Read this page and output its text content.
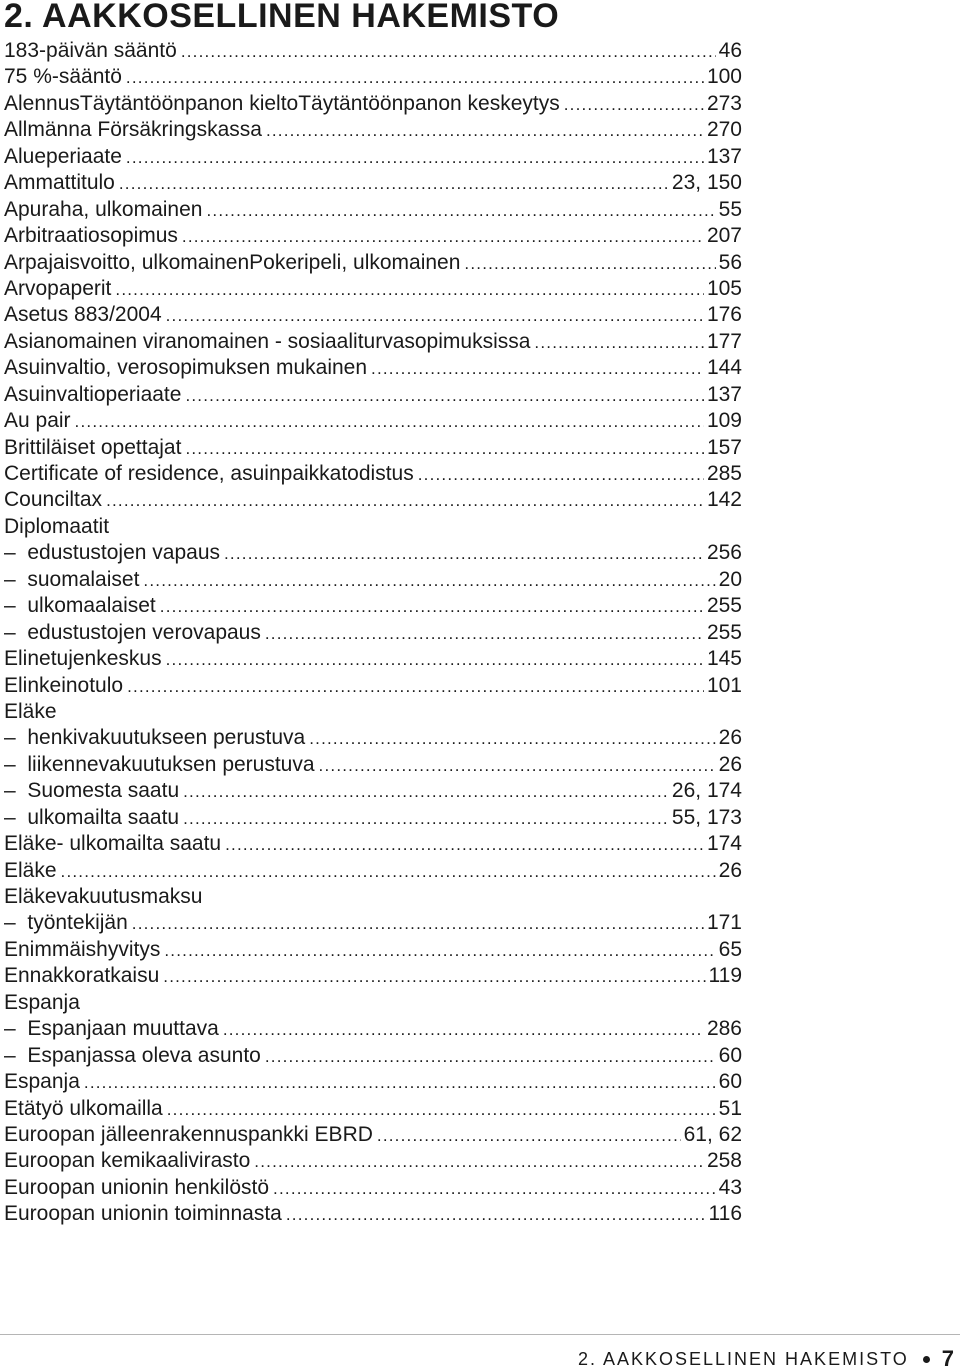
2. AAKKOSELLINEN HAKEMISTO
183-päivän sääntö .....	46
75 %-sääntö .....	100
AlennusTäytäntöönpanon kieltoTäytäntöönpanon keskeytys .....	273
Allmänna Försäkringskassa .....	270
Alueperiaate .....	137
Ammattitulo .....	23, 150
Apuraha, ulkomainen .....	55
Arbitraatiosopimus .....	207
Arpajaisvoitto, ulkomainenPokeripeli, ulkomainen .....	56
Arvopaperit .....	105
Asetus 883/2004 .....	176
Asianomainen viranomainen - sosiaaliturvasopimuksissa .....	177
Asuinvaltio, verosopimuksen mukainen .....	144
Asuinvaltioperiaate .....	137
Au pair .....	109
Brittiläiset opettajat .....	157
Certificate of residence, asuinpaikkatodistus .....	285
Counciltax .....	142
Diplomaatit
–  edustustojen vapaus .....	256
–  suomalaiset .....	20
–  ulkomaalaiset .....	255
–  edustustojen verovapaus .....	255
Elinetujenkeskus .....	145
Elinkeinotulo .....	101
Eläke
–  henkivakuutukseen perustuva .....	26
–  liikennevakuutuksen perustuva .....	26
–  Suomesta saatu .....	26, 174
–  ulkomailta saatu .....	55, 173
Eläke- ulkomailta saatu .....	174
Eläke .....	26
Eläkevakuutusmaksu
–  työntekijän .....	171
Enimmäishyvitys .....	65
Ennakkoratkaisu .....	119
Espanja
–  Espanjaan muuttava .....	286
–  Espanjassa oleva asunto .....	60
Espanja .....	60
Etätyö ulkomailla .....	51
Euroopan jälleenrakennuspankki EBRD .....	61, 62
Euroopan kemikaalivirasto .....	258
Euroopan unionin henkilöstö .....	43
Euroopan unionin toiminnasta .....	116
2. AAKKOSELLINEN HAKEMISTO 7
